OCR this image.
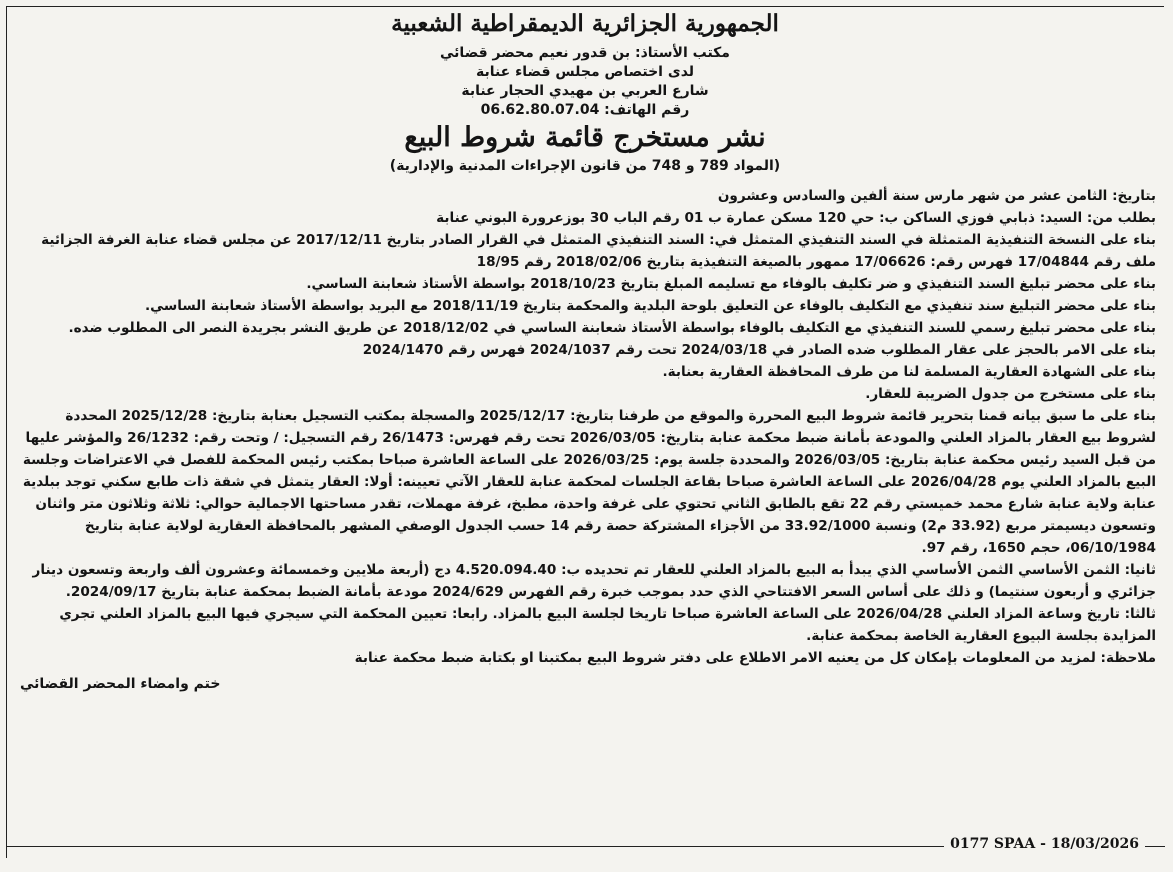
الجمهورية الجزائرية الديمقراطية الشعبية
مكتب الأستاذ: بن قدور نعيم محضر قضائي
لدى اختصاص مجلس قضاء عنابة
شارع العربي بن مهيدي الحجار عنابة
رقم الهاتف: 06.62.80.07.04
نشر مستخرج قائمة شروط البيع
(المواد 789 و 748 من قانون الإجراءات المدنية والإدارية)

بتاريخ: الثامن عشر من شهر مارس سنة ألفين والسادس وعشرون

بطلب من: السيد: ذبابي فوزي الساكن ب: حي 120 مسكن عمارة ب 01 رقم الباب 30 بوزعرورة البوني عنابة

بناء على النسخة التنفيذية المتمثلة في السند التنفيذي المتمثل في: السند التنفيذي المتمثل في القرار الصادر بتاريخ 2017/12/11 عن مجلس قضاء عنابة الغرفة الجزائية ملف رقم 17/04844 فهرس رقم: 17/06626 ممهور بالصيغة التنفيذية بتاريخ 2018/02/06 رقم 18/95

بناء على محضر تبليغ السند التنفيذي و ضر تكليف بالوفاء مع تسليمه المبلغ بتاريخ 2018/10/23 بواسطة الأستاذ شعابنة الساسي.

بناء على محضر التبليغ سند تنفيذي مع التكليف بالوفاء عن التعليق بلوحة البلدية والمحكمة بتاريخ 2018/11/19 مع البريد بواسطة الأستاذ شعابنة الساسي.

بناء على محضر تبليغ رسمي للسند التنفيذي مع التكليف بالوفاء بواسطة الأستاذ شعابنة الساسي في 2018/12/02 عن طريق النشر بجريدة النصر الى المطلوب ضده.

بناء على الامر بالحجز على عقار المطلوب ضده الصادر في 2024/03/18 تحت رقم 2024/1037 فهرس رقم 2024/1470

بناء على الشهادة العقارية المسلمة لنا من طرف المحافظة العقارية بعنابة.

بناء على مستخرج من جدول الضريبة للعقار.

بناء على ما سبق بيانه قمنا بتحرير قائمة شروط البيع المحررة والموقع من طرفنا بتاريخ: 2025/12/17 والمسجلة بمكتب التسجيل بعنابة بتاريخ: 2025/12/28 المحددة لشروط بيع العقار بالمزاد العلني والمودعة بأمانة ضبط محكمة عنابة بتاريخ: 2026/03/05 تحت رقم فهرس: 26/1473 رقم التسجيل: / وتحت رقم: 26/1232 والمؤشر عليها من قبل السيد رئيس محكمة عنابة بتاريخ: 2026/03/05 والمحددة جلسة يوم: 2026/03/25 على الساعة العاشرة صباحا بمكتب رئيس المحكمة للفصل في الاعتراضات وجلسة البيع بالمزاد العلني يوم 2026/04/28 على الساعة العاشرة صباحا بقاعة الجلسات لمحكمة عنابة للعقار الآتي تعيينه: أولا: العقار يتمثل في شقة ذات طابع سكني توجد ببلدية عنابة ولاية عنابة شارع محمد خميستي رقم 22 تقع بالطابق الثاني تحتوي على غرفة واحدة، مطبخ، غرفة مهملات، تقدر مساحتها الاجمالية حوالي: ثلاثة وثلاثون متر واثنان وتسعون ديسيمتر مربع (33.92 م2) ونسبة 33.92/1000 من الأجزاء المشتركة حصة رقم 14 حسب الجدول الوصفي المشهر بالمحافظة العقارية لولاية عنابة بتاريخ 06/10/1984، حجم 1650، رقم 97.

ثانيا: الثمن الأساسي الثمن الأساسي الذي يبدأ به البيع بالمزاد العلني للعقار تم تحديده ب: 4.520.094.40 دج (أربعة ملايين وخمسمائة وعشرون ألف واربعة وتسعون دينار جزائري و أربعون سنتيما) و ذلك على أساس السعر الافتتاحي الذي حدد بموجب خبرة رقم الفهرس 2024/629 مودعة بأمانة الضبط بمحكمة عنابة بتاريخ 2024/09/17.

ثالثا: تاريخ وساعة المزاد العلني 2026/04/28 على الساعة العاشرة صباحا تاريخا لجلسة البيع بالمزاد. رابعا: تعيين المحكمة التي سيجري فيها البيع بالمزاد العلني تجري المزايدة بجلسة البيوع العقارية الخاصة بمحكمة عنابة.

ملاحظة: لمزيد من المعلومات بإمكان كل من يعنيه الامر الاطلاع على دفتر شروط البيع بمكتبنا او بكتابة ضبط محكمة عنابة

ختم وامضاء المحضر القضائي
0177 SPAA - 18/03/2026
